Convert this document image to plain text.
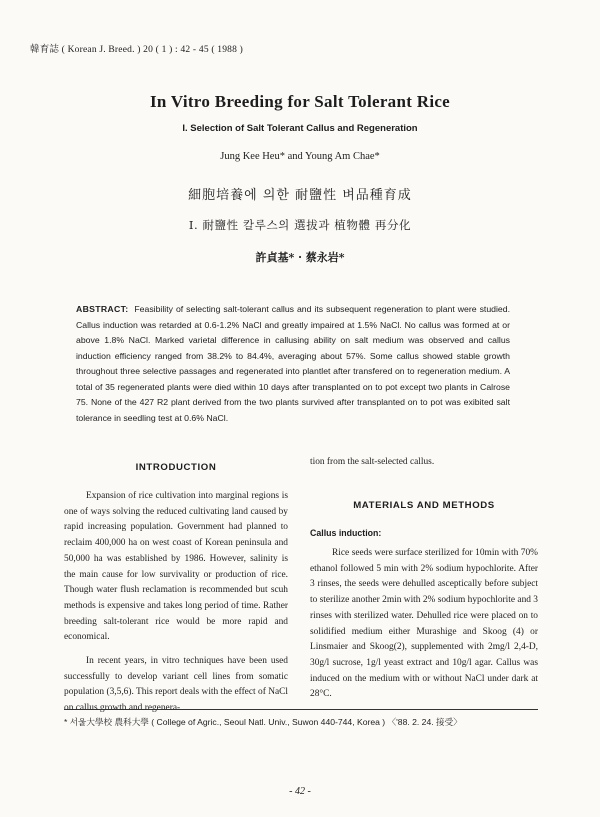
韓育誌 ( Korean J. Breed. ) 20 ( 1 ) : 42 - 45 ( 1988 )
In Vitro Breeding for Salt Tolerant Rice
I. Selection of Salt Tolerant Callus and Regeneration
Jung Kee Heu* and Young Am Chae*
細胞培養에 의한 耐鹽性 벼品種育成
I. 耐鹽性 칼루스의 選拔과 植物體 再分化
許貞基* · 蔡永岩*
ABSTRACT: Feasibility of selecting salt-tolerant callus and its subsequent regeneration to plant were studied. Callus induction was retarded at 0.6-1.2% NaCl and greatly impaired at 1.5% NaCl. No callus was formed at or above 1.8% NaCl. Marked varietal difference in callusing ability on salt medium was observed and callus induction efficiency ranged from 38.2% to 84.4%, averaging about 57%. Some callus showed stable growth throughout three selective passages and regenerated into plantlet after transfered on to regeneration medium. A total of 35 regenerated plants were died within 10 days after transplanted on to pot except two plants in Calrose 75. None of the 427 R2 plant derived from the two plants survived after transplanted on to pot was exibited salt tolerance in seedling test at 0.6% NaCl.
INTRODUCTION

Expansion of rice cultivation into marginal regions is one of ways solving the reduced cultivating land caused by rapid increasing population. Government had planned to reclaim 400,000 ha on west coast of Korean peninsula and 50,000 ha was established by 1986. However, salinity is the main cause for low survivality or production of rice. Though water flush reclamation is recommended but scuh methods is expensive and takes long period of time. Rather breeding salt-tolerant rice would be more rapid and economical.

In recent years, in vitro techniques have been used successfully to develop variant cell lines from somatic population (3,5,6). This report deals with the effect of NaCl on callus growth and regenera-

tion from the salt-selected callus.

MATERIALS AND METHODS
Callus induction:

Rice seeds were surface sterilized for 10min with 70% ethanol followed 5 min with 2% sodium hypochlorite. After 3 rinses, the seeds were dehulled asceptically before subject to sterilize another 2min with 2% sodium hypochlorite and 3 rinses with sterilized water. Dehulled rice were placed on to solidified medium either Murashige and Skoog (4) or Linsmaier and Skoog(2), supplemented with 2mg/l 2,4-D, 30g/l sucrose, 1g/l yeast extract and 10g/l agar. Callus was induced on the medium with or without NaCl under dark at 28°C.

* 서울大學校 農科大學 ( College of Agric., Seoul Natl. Univ., Suwon 440-744, Korea ) 〈'88. 2. 24. 接受〉
- 42 -
